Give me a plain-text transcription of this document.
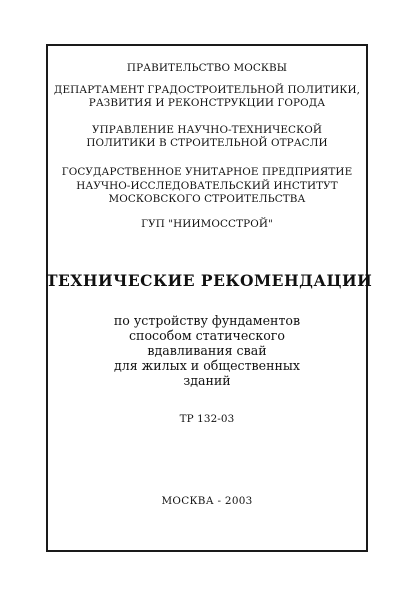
ПРАВИТЕЛЬСТВО МОСКВЫ
ДЕПАРТАМЕНТ ГРАДОСТРОИТЕЛЬНОЙ ПОЛИТИКИ,
РАЗВИТИЯ И РЕКОНСТРУКЦИИ ГОРОДА
УПРАВЛЕНИЕ НАУЧНО-ТЕХНИЧЕСКОЙ
ПОЛИТИКИ В СТРОИТЕЛЬНОЙ ОТРАСЛИ
ГОСУДАРСТВЕННОЕ УНИТАРНОЕ ПРЕДПРИЯТИЕ
НАУЧНО-ИССЛЕДОВАТЕЛЬСКИЙ ИНСТИТУТ
МОСКОВСКОГО СТРОИТЕЛЬСТВА
ГУП "НИИМОССТРОЙ"
ТЕХНИЧЕСКИЕ РЕКОМЕНДАЦИИ
по устройству фундаментов
способом статического
вдавливания свай
для жилых и общественных
зданий
ТР 132-03
МОСКВА - 2003
